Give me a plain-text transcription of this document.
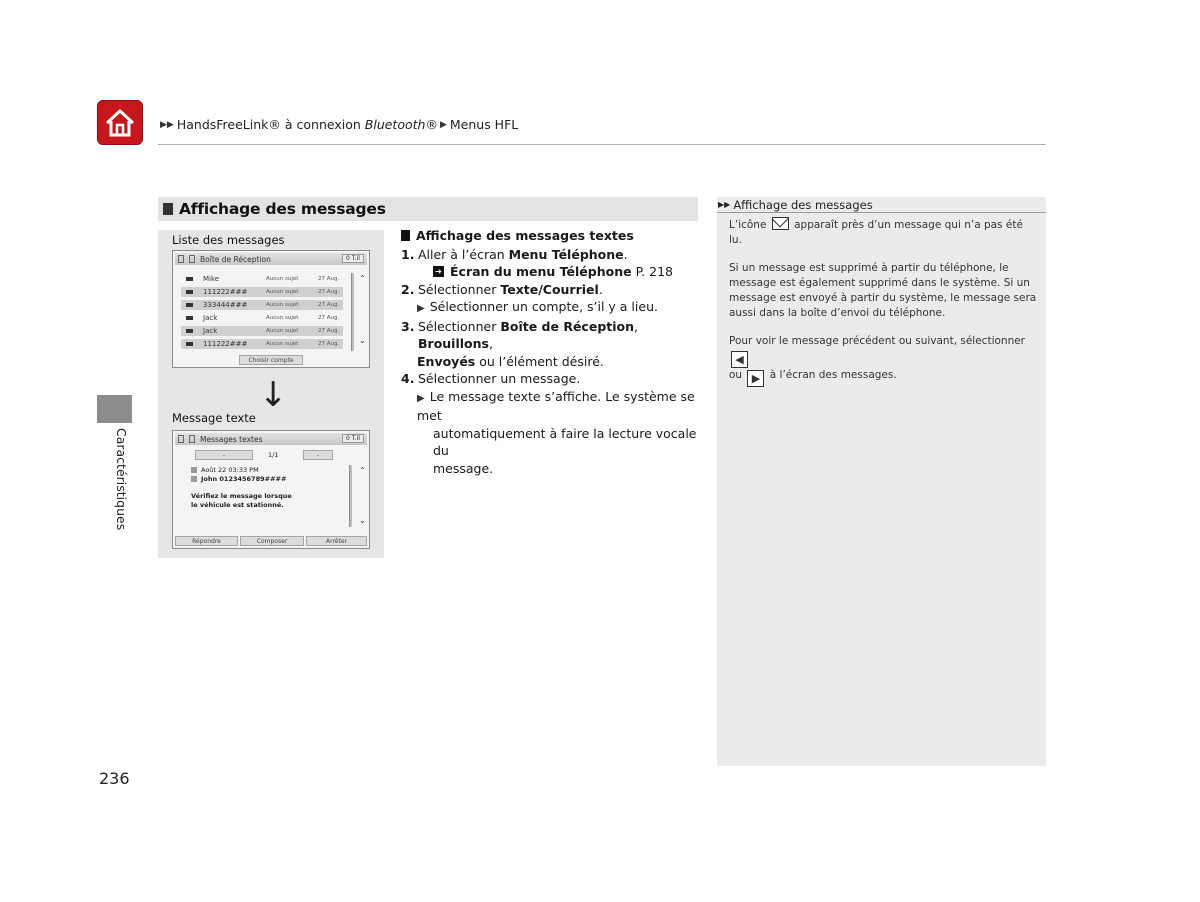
▶▶ HandsFreeLink® à connexion Bluetooth® ▶ Menus HFL
Caractéristiques
236
Affichage des messages
Liste des messages
Boîte de Réception	0 T.il
Mike	Aucun sujet	27 Aug.
111222###	Aucun sujet	27 Aug.
333444###	Aucun sujet	27 Aug.
Jack	Aucun sujet	27 Aug.
Jack	Aucun sujet	27 Aug.
111222###	Aucun sujet	27 Aug.
⌃
⌄
Choisir compte
↓
Message texte
Messages textes	0 T.il
-	1/1	-
Août 22 03:33 PM
John 0123456789####
Vérifiez le message lorsque
le véhicule est stationné.
⌃
⌄
Répondre	Composer	Arrêter
Affichage des messages textes
1. Aller à l’écran Menu Téléphone.
➔ Écran du menu Téléphone P. 218
2. Sélectionner Texte/Courriel.
▶ Sélectionner un compte, s’il y a lieu.
3. Sélectionner Boîte de Réception, Brouillons,
Envoyés ou l’élément désiré.
4. Sélectionner un message.
▶ Le message texte s’affiche. Le système se met
automatiquement à faire la lecture vocale du
message.
▶▶ Affichage des messages

L’icône  apparaît près d’un message qui n’a pas été lu.

Si un message est supprimé à partir du téléphone, le message est également supprimé dans le système. Si un message est envoyé à partir du système, le message sera aussi dans la boîte d’envoi du téléphone.

Pour voir le message précédent ou suivant, sélectionner ◀
ou ▶ à l’écran des messages.
